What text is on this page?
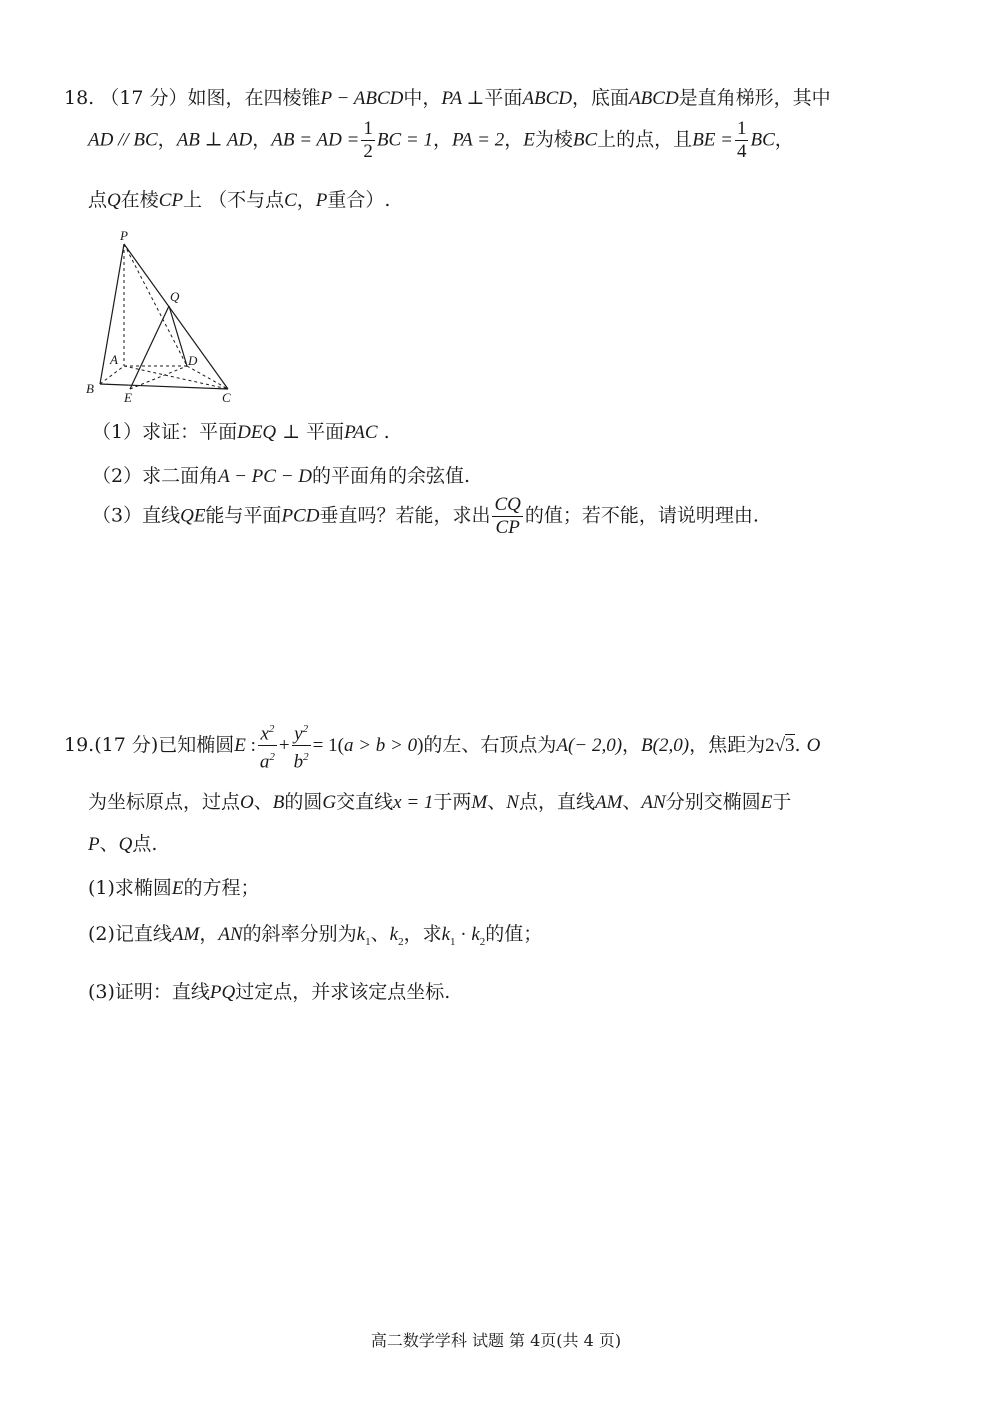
18. （17 分）如图，在四棱锥P − ABCD中，PA ⊥平面ABCD，底面ABCD是直角梯形，其中
AD // BC，AB ⊥ AD，AB = AD = $\frac{1}{2}$ BC = 1，PA = 2，E为棱BC上的点，且BE = $\frac{1}{4}$ BC，
点Q在棱CP上 （不与点C，P重合）.
P
Q
A	D
B
E	C
（1）求证：平面DEQ ⊥ 平面PAC .
（2）求二面角A − PC − D的平面角的余弦值.
（3）直线QE能与平面PCD垂直吗？若能，求出 $\frac{CQ}{CP}$ 的值；若不能，请说明理由.
19.(17 分)已知椭圆E : $\frac{x^2}{a^2} + \frac{y^2}{b^2} = 1(a > b > 0)$的左、右顶点为A(− 2,0)，B(2,0)，焦距为2√3. O
为坐标原点，过点O、B的圆G交直线x = 1于两M、N点，直线AM、AN分别交椭圆E于
P、Q点.
(1)求椭圆E的方程；
(2)记直线AM，AN的斜率分别为$k_1$、$k_2$，求$k_1 \cdot k_2$的值；
(3)证明：直线PQ过定点，并求该定点坐标.
高二数学学科 试题 第 4页(共 4 页)
